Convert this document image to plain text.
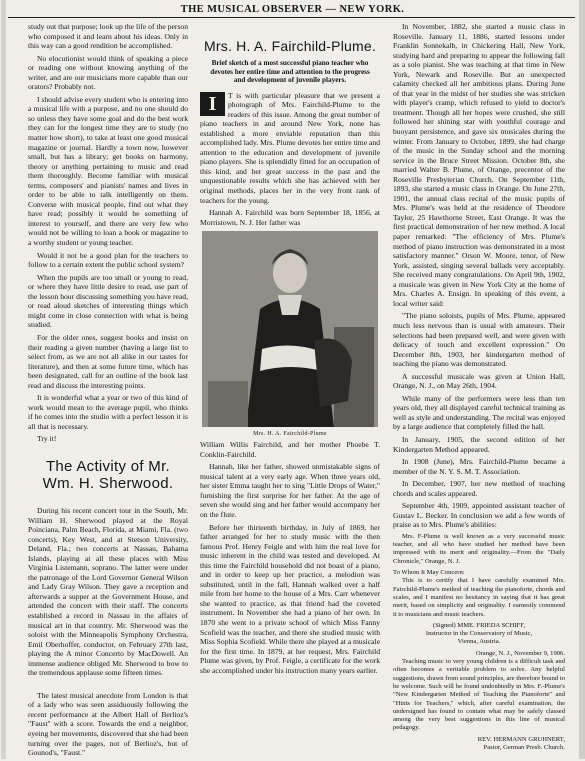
THE MUSICAL OBSERVER — NEW YORK.

study out that purpose; look up the life of the person who composed it and learn about his ideas. Only in this way can a good rendition be accomplished.

No elocutionist would think of speaking a piece or reading one without knowing anything of the writer, and are our musicians more capable than our orators? Probably not.

I should advise every student who is entering into a musical life with a purpose, and no one should do so unless they have some goal and do the best work they can for the longest time they are to study (no matter how short), to take at least one good musical magazine or journal. Hardly a town now, however small, but has a library; get books on harmony, theory or anything pertaining to music and read them thoroughly. Become familiar with musical terms, composers' and pianists' names and lives in order to be able to talk intelligently on them. Converse with musical people, find out what they have read; possibly it would be something of interest to yourself, and there are very few who would not be willing to loan a book or magazine to a worthy student or young teacher.

Would it not be a good plan for the teachers to follow to a certain extent the public school system?

When the pupils are too small or young to read, or where they have little desire to read, use part of the lesson hour discussing something you have read, or read aloud sketches of interesting things which might come in close connection with what is being studied.

For the older ones, suggest books and insist on their reading a given number (having a large list to select from, as we are not all alike in our tastes for literature), and then at some future time, which has been designated, call for an outline of the book last read and discuss the interesting points.

It is wonderful what a year or two of this kind of work would mean to the average pupil, who thinks if he comes into the studio with a perfect lesson it is all that is necessary.

Try it!

The Activity of Mr. Wm. H. Sherwood.

During his recent concert tour in the South, Mr. William H. Sherwood played at the Royal Poinciana, Palm Beach, Florida, at Miami, Fla. (two concerts), Key West, and at Stetson University, Deland, Fla.; two concerts at Nassau, Bahama Islands, playing at all these places with Miss Virginia Listemann, soprano. The latter were under the patronage of the Lord Governor General Wilson and Lady Gray Wilson. They gave a reception and afterwards a supper at the Government House, and attended the concert with their staff. The concerts established a record in Nassau in the affairs of musical art in that country. Mr. Sherwood was the soloist with the Minneapolis Symphony Orchestra, Emil Oberhoffer, conductor, on February 27th last, playing the A minor Concerto by MacDowell. An immense audience obliged Mr. Sherwood to bow to the tremendous applause some fifteen times.

The latest musical anecdote from London is that of a lady who was seen assiduously following the recent performance at the Albert Hall of Berlioz's "Faust" with a score. Towards the end a neighbor, eyeing her movements, discovered that she had been turning over the pages, not of Berlioz's, but of Gounod's, "Faust."

Mrs. H. A. Fairchild-Plume.
Brief sketch of a most successful piano teacher who devotes her entire time and attention to the progress and development of juvenile players.

I	T is with particular pleasure that we present a photograph of Mrs. Fairchild-Plume to the readers of this issue. Among the great number of piano teachers in and around New York, none has established a more enviable reputation than this accomplished lady. Mrs. Plume devotes her entire time and attention to the education and development of juvenile piano players. She is splendidly fitted for an occupation of this kind, and her great success in the past and the unquestionable results which she has achieved with her original methods, places her in the very front rank of teachers for the young.

Hannah A. Fairchild was born September 18, 1856, at Morristown, N. J. Her father was

Mrs. H. A. Fairchild-Plume

William Willis Fairchild, and her mother Phoebe T. Conklin-Fairchild.

Hannah, like her father, showed unmistakable signs of musical talent at a very early age. When three years old, her sister Emma taught her to sing "Little Drops of Water," furnishing the first surprise for her father. At the age of seven she would sing and her father would accompany her on the flute.

Before her thirteenth birthday, in July of 1869, her father arranged for her to study music with the then famous Prof. Henry Feigle and with him the real love for music inherent in the child was tested and developed. At this time the Fairchild household did not boast of a piano, and in order to keep up her practice, a melodion was substituted, until in the fall, Hannah walked over a half mile from her home to the house of a Mrs. Carr whenever she wanted to practice, as that friend had the coveted instrument. In November she had a piano of her own. In 1870 she went to a private school of which Miss Fanny Scofield was the teacher, and there she studied music with Miss Sophia Scofield. While there she played at a musicale for the first time. In 1879, at her request, Mrs. Fairchild Plume was given, by Prof. Feigle, a certificate for the work she accomplished under his instruction many years earlier.

In November, 1882, she started a music class in Roseville. January 11, 1886, started lessons under Franklin Sonnekalb, in Chickering Hall, New York, studying hard and preparing to appear the following fall as a solo pianist. She was teaching at that time in New York, Newark and Roseville. But an unexpected calamity checked all her ambitious plans. During June of that year in the midst of her studies she was stricken with player's cramp, which refused to yield to doctor's treatment. Though all her hopes were crushed, she still followed her shining star with youthful courage and buoyant persistence, and gave six musicales during the winter. From January to October, 1899, she had charge of the music in the Sunday school and the morning service in the Bruce Street Mission. October 8th, she married Walter B. Plume, of Orange, precentor of the Roseville Presbyterian Church. On September 11th, 1893, she started a music class in Orange. On June 27th, 1901, the annual class recital of the music pupils of Mrs. Plume's was held at the residence of Theodore Taylor, 25 Hawthorne Street, East Orange. It was the first practical demonstration of her new method. A local paper remarked: "The efficiency of Mrs. Plume's method of piano instruction was demonstrated in a most satisfactory manner." Orson W. Moore, tenor, of New York, assisted, singing several ballads very acceptably. She received many congratulations. On April 9th, 1902, a musicale was given in New York City at the home of Mrs. Charles A. Ensign. In speaking of this event, a local writer said:

"The piano soloists, pupils of Mrs. Plume, appeared much less nervous than is usual with amateurs. Their selections had been prepared well, and were given with delicacy of touch and excellent expression." On December 8th, 1903, her kindergarten method of teaching the piano was demonstrated.

A successful musicale was given at Union Hall, Orange, N. J., on May 26th, 1904.

While many of the performers were less than ten years old, they all displayed careful technical training as well as style and understanding. The recital was enjoyed by a large audience that completely filled the hall.

In January, 1905, the second edition of her Kindergarten Method appeared.

In 1908 (June), Mrs. Fairchild-Plume became a member of the N. Y. S. M. T. Association.

In December, 1907, her new method of teaching chords and scales appeared.

September 4th, 1909, appointed assistant teacher of Gustav L. Becker. In conclusion we add a few words of praise as to Mrs. Plume's abilities:

Mrs. F-Plume is well known as a very successful music teacher, and all who have studied her method have been impressed with its merit and originality.—From the "Daily Chronicle," Orange, N. J.

To Whom It May Concern:

This is to certify that I have carefully examined Mrs. Fairchild-Plume's method of teaching the pianoforte, chords and scales, and I manifest no hesitancy in saying that it has great merit, based on simplicity and originality. I earnestly commend it to musicians and music teachers.

(Signed) MME. FRIEDA SCHIFF,
Instructor in the Conservatory of Music,
Vienna, Austria.
Orange, N. J., November 9, 1906.

Teaching music to very young children is a difficult task and often becomes a veritable problem to solve. Any helpful suggestions, drawn from sound principles, are therefore bound to be welcome. Such will be found undoubtedly in Mrs. F.-Plume's "New Kindergarten Method of Teaching the Pianoforte" and "Hints for Teachers," which, after careful examination, the undersigned has found to contain what may be safely classed among the very best suggestions in this line of musical pedagogy.

REV. HERMANN GRUHNERT,
Pastor, German Presb. Church.
